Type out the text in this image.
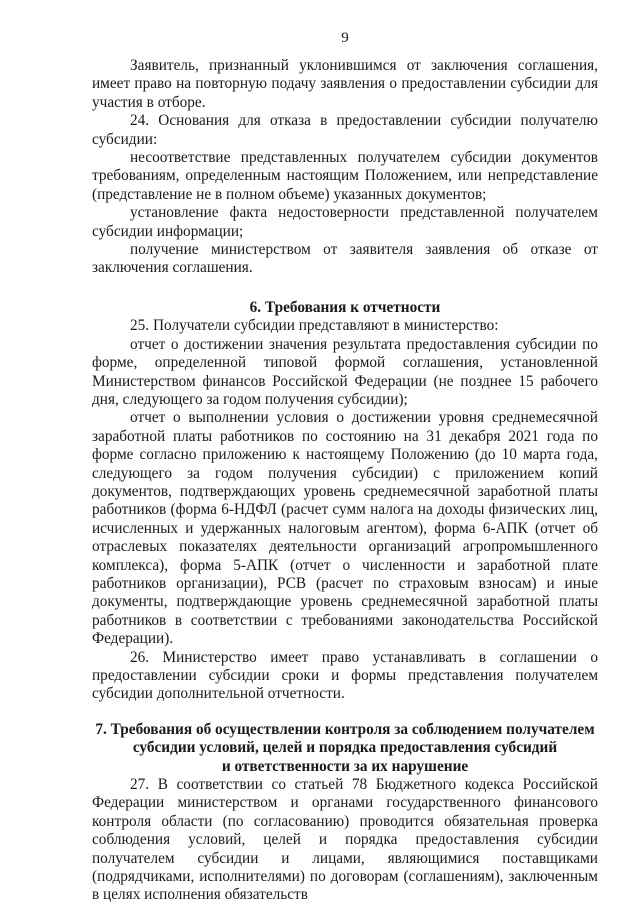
9

Заявитель, признанный уклонившимся от заключения соглашения, имеет право на повторную подачу заявления о предоставлении субсидии для участия в отборе.

24. Основания для отказа в предоставлении субсидии получателю субсидии:

несоответствие представленных получателем субсидии документов требованиям, определенным настоящим Положением, или непредставление (представление не в полном объеме) указанных документов;

установление факта недостоверности представленной получателем субсидии информации;

получение министерством от заявителя заявления об отказе от заключения соглашения.

6. Требования к отчетности

25. Получатели субсидии представляют в министерство:

отчет о достижении значения результата предоставления субсидии по форме, определенной типовой формой соглашения, установленной Министерством финансов Российской Федерации (не позднее 15 рабочего дня, следующего за годом получения субсидии);

отчет о выполнении условия о достижении уровня среднемесячной заработной платы работников по состоянию на 31 декабря 2021 года по форме согласно приложению к настоящему Положению (до 10 марта года, следующего за годом получения субсидии) с приложением копий документов, подтверждающих уровень среднемесячной заработной платы работников (форма 6-НДФЛ (расчет сумм налога на доходы физических лиц, исчисленных и удержанных налоговым агентом), форма 6-АПК (отчет об отраслевых показателях деятельности организаций агропромышленного комплекса), форма 5-АПК (отчет о численности и заработной плате работников организации), РСВ (расчет по страховым взносам) и иные документы, подтверждающие уровень среднемесячной заработной платы работников в соответствии с требованиями законодательства Российской Федерации).

26. Министерство имеет право устанавливать в соглашении о предоставлении субсидии сроки и формы представления получателем субсидии дополнительной отчетности.

7. Требования об осуществлении контроля за соблюдением получателем
субсидии условий, целей и порядка предоставления субсидий
и ответственности за их нарушение

27. В соответствии со статьей 78 Бюджетного кодекса Российской Федерации министерством и органами государственного финансового контроля области (по согласованию) проводится обязательная проверка соблюдения условий, целей и порядка предоставления субсидии получателем субсидии и лицами, являющимися поставщиками (подрядчиками, исполнителями) по договорам (соглашениям), заключенным в целях исполнения обязательств
